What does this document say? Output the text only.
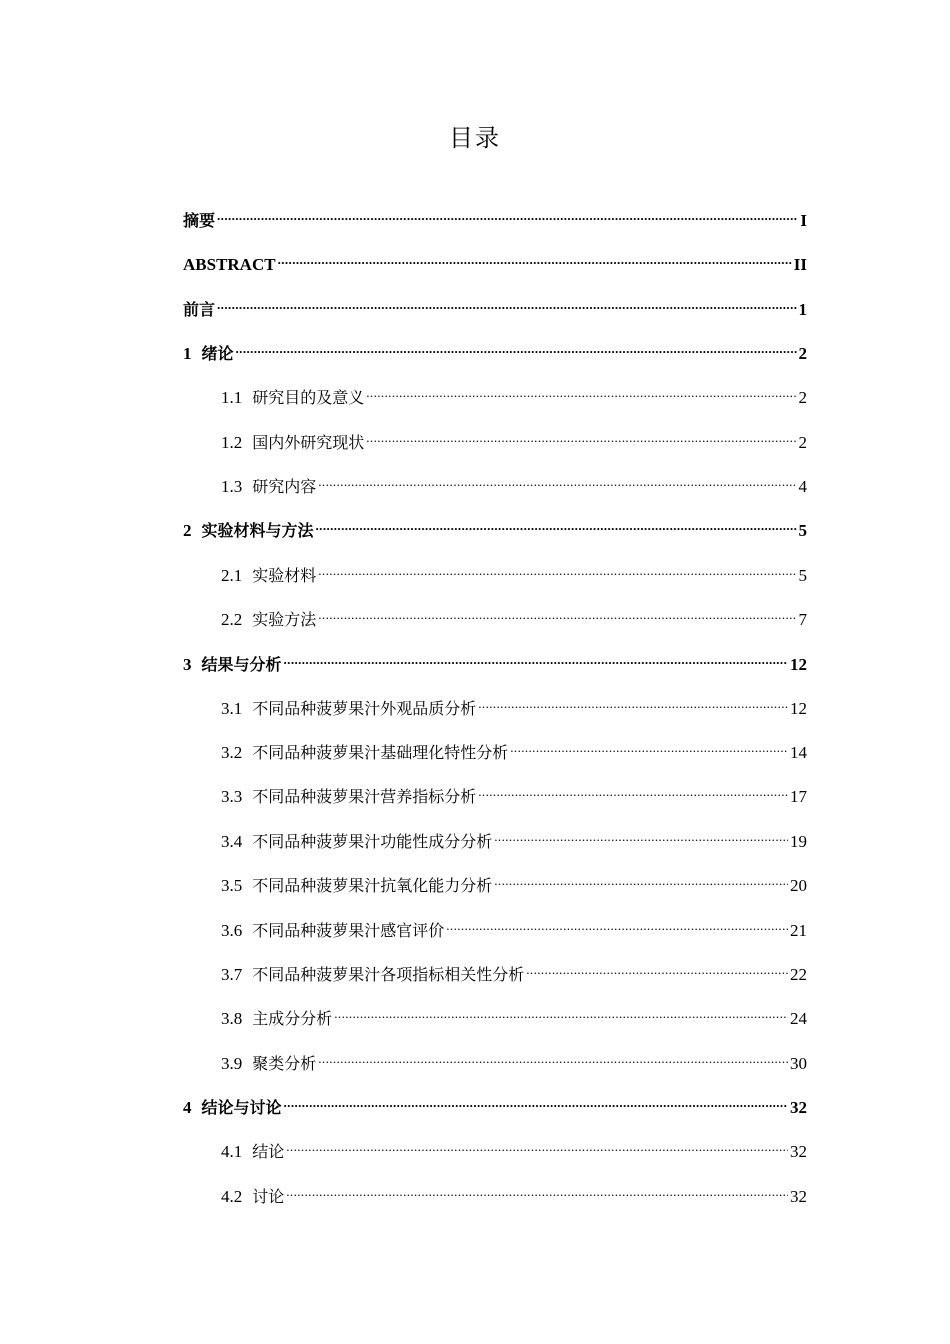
目录
摘要 .....	I
ABSTRACT .....	II
前言 .....	1
1 绪论 .....	2
1.1 研究目的及意义 .....	2
1.2 国内外研究现状 .....	2
1.3 研究内容 .....	4
2 实验材料与方法 .....	5
2.1 实验材料 .....	5
2.2 实验方法 .....	7
3 结果与分析 .....	12
3.1 不同品种菠萝果汁外观品质分析 .....	12
3.2 不同品种菠萝果汁基础理化特性分析 .....	14
3.3 不同品种菠萝果汁营养指标分析 .....	17
3.4 不同品种菠萝果汁功能性成分分析 .....	19
3.5 不同品种菠萝果汁抗氧化能力分析 .....	20
3.6 不同品种菠萝果汁感官评价 .....	21
3.7 不同品种菠萝果汁各项指标相关性分析 .....	22
3.8 主成分分析 .....	24
3.9 聚类分析 .....	30
4 结论与讨论 .....	32
4.1 结论 .....	32
4.2 讨论 .....	32
